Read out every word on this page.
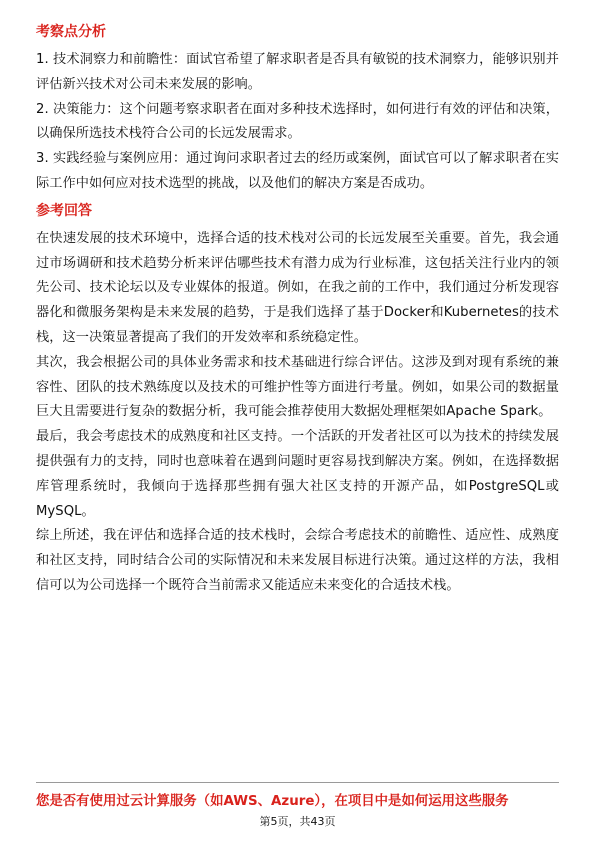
考察点分析

1. 技术洞察力和前瞻性：面试官希望了解求职者是否具有敏锐的技术洞察力，能够识别并评估新兴技术对公司未来发展的影响。

2. 决策能力：这个问题考察求职者在面对多种技术选择时，如何进行有效的评估和决策，以确保所选技术栈符合公司的长远发展需求。

3. 实践经验与案例应用：通过询问求职者过去的经历或案例，面试官可以了解求职者在实际工作中如何应对技术选型的挑战，以及他们的解决方案是否成功。

参考回答

在快速发展的技术环境中，选择合适的技术栈对公司的长远发展至关重要。首先，我会通过市场调研和技术趋势分析来评估哪些技术有潜力成为行业标准，这包括关注行业内的领先公司、技术论坛以及专业媒体的报道。例如，在我之前的工作中，我们通过分析发现容器化和微服务架构是未来发展的趋势，于是我们选择了基于Docker和Kubernetes的技术栈，这一决策显著提高了我们的开发效率和系统稳定性。

其次，我会根据公司的具体业务需求和技术基础进行综合评估。这涉及到对现有系统的兼容性、团队的技术熟练度以及技术的可维护性等方面进行考量。例如，如果公司的数据量巨大且需要进行复杂的数据分析，我可能会推荐使用大数据处理框架如Apache Spark。

最后，我会考虑技术的成熟度和社区支持。一个活跃的开发者社区可以为技术的持续发展提供强有力的支持，同时也意味着在遇到问题时更容易找到解决方案。例如，在选择数据库管理系统时，我倾向于选择那些拥有强大社区支持的开源产品，如PostgreSQL或MySQL。

综上所述，我在评估和选择合适的技术栈时，会综合考虑技术的前瞻性、适应性、成熟度和社区支持，同时结合公司的实际情况和未来发展目标进行决策。通过这样的方法，我相信可以为公司选择一个既符合当前需求又能适应未来变化的合适技术栈。

您是否有使用过云计算服务（如AWS、Azure），在项目中是如何运用这些服务
第5页，共43页
